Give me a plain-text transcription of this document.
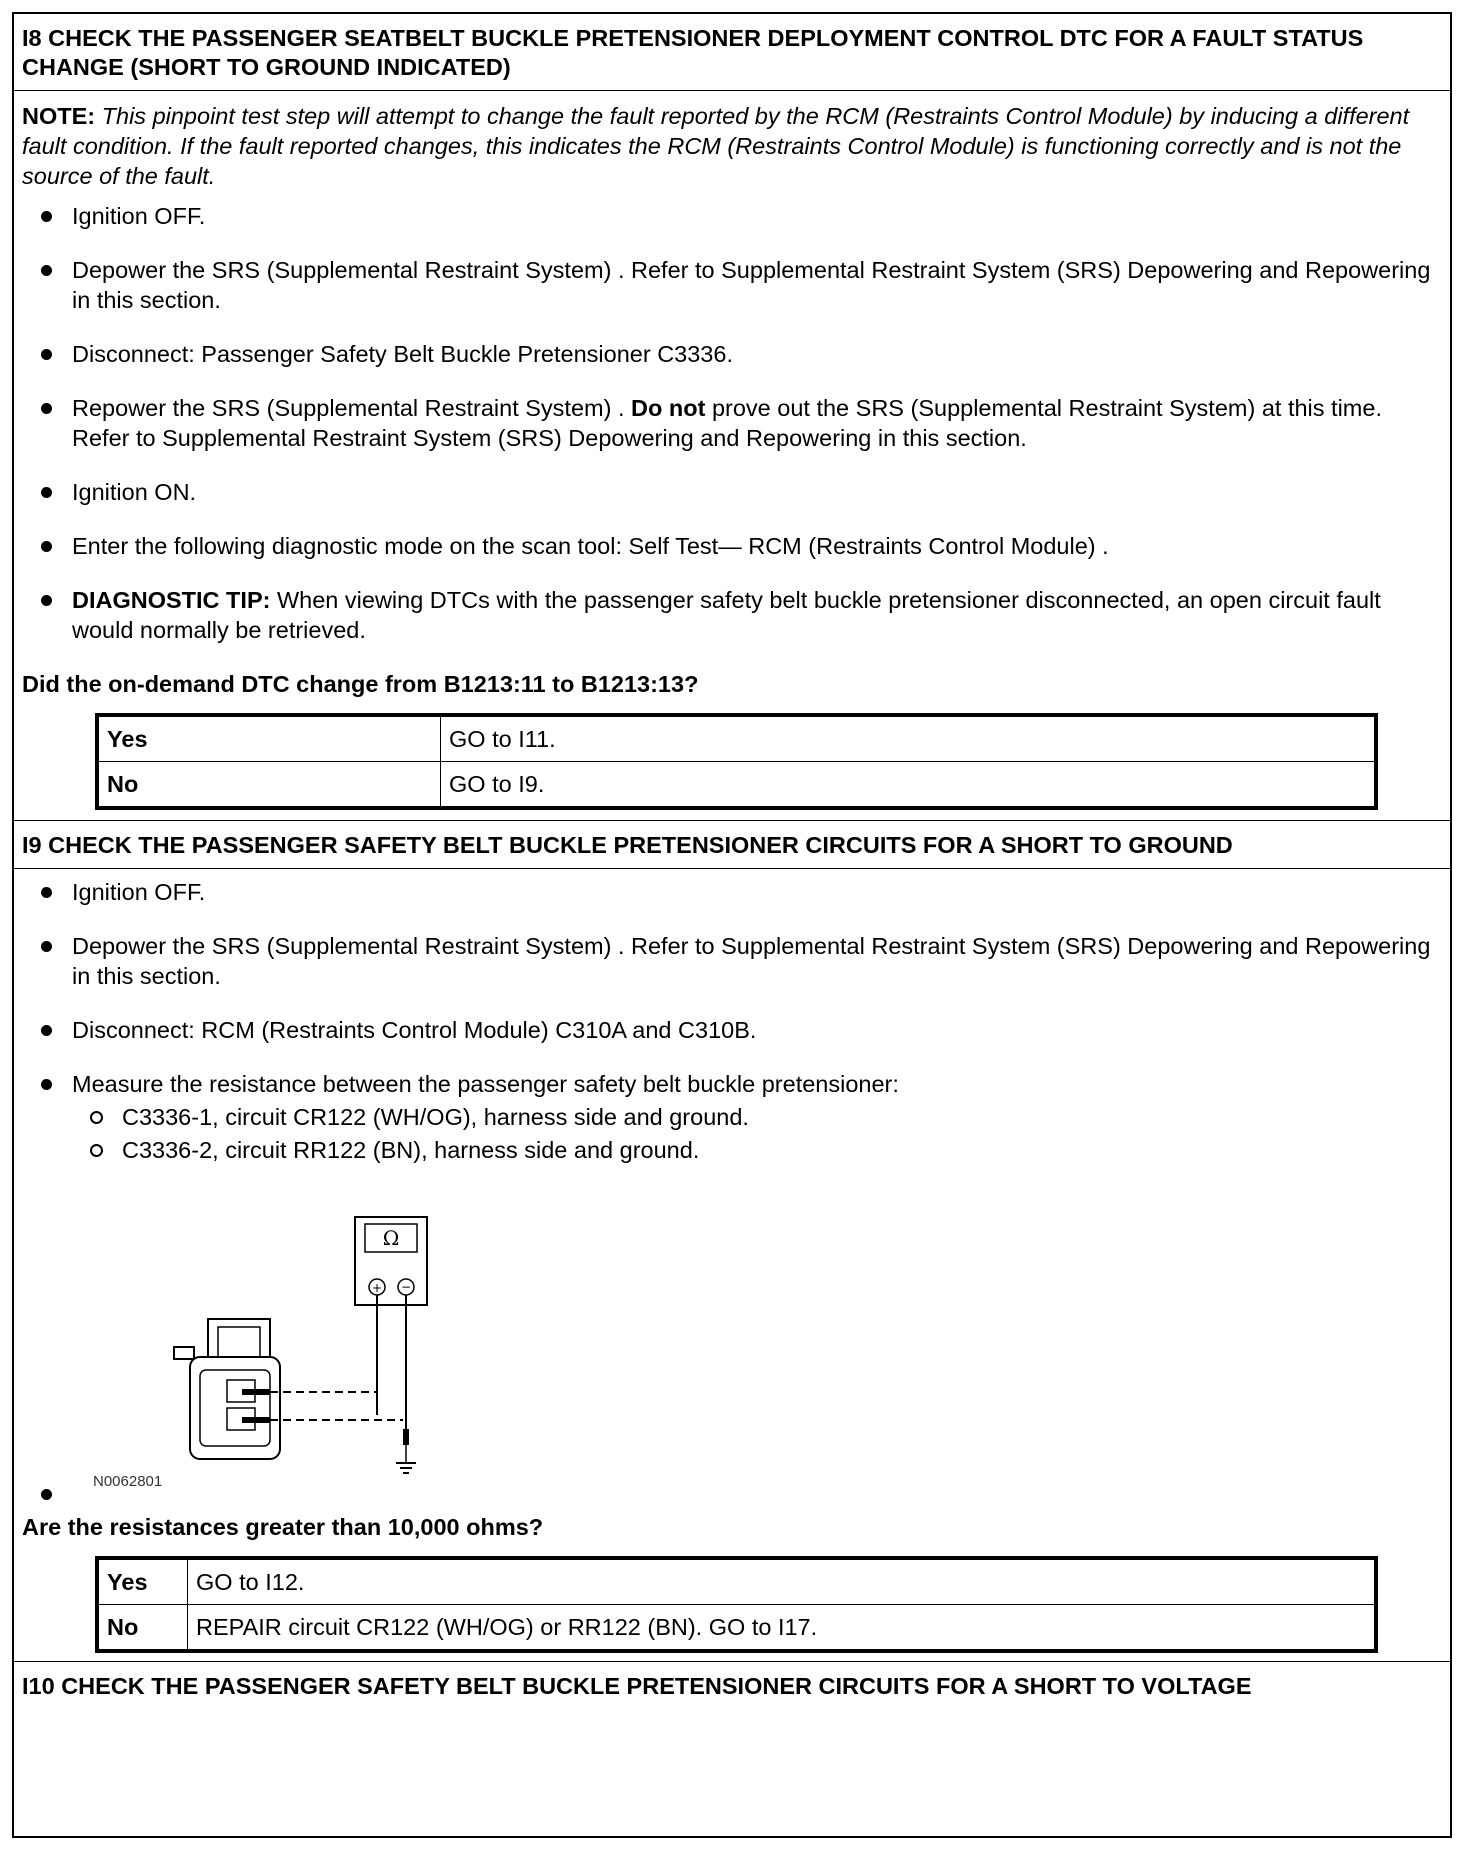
I8 CHECK THE PASSENGER SEATBELT BUCKLE PRETENSIONER DEPLOYMENT CONTROL DTC FOR A FAULT STATUS CHANGE (SHORT TO GROUND INDICATED)
NOTE: This pinpoint test step will attempt to change the fault reported by the RCM (Restraints Control Module) by inducing a different fault condition. If the fault reported changes, this indicates the RCM (Restraints Control Module) is functioning correctly and is not the source of the fault.
Ignition OFF.
Depower the SRS (Supplemental Restraint System) . Refer to Supplemental Restraint System (SRS) Depowering and Repowering in this section.
Disconnect: Passenger Safety Belt Buckle Pretensioner C3336.
Repower the SRS (Supplemental Restraint System) . Do not prove out the SRS (Supplemental Restraint System) at this time. Refer to Supplemental Restraint System (SRS) Depowering and Repowering in this section.
Ignition ON.
Enter the following diagnostic mode on the scan tool: Self Test— RCM (Restraints Control Module) .
DIAGNOSTIC TIP: When viewing DTCs with the passenger safety belt buckle pretensioner disconnected, an open circuit fault would normally be retrieved.
Did the on-demand DTC change from B1213:11 to B1213:13?
Yes	GO to I11.
No	GO to I9.
I9 CHECK THE PASSENGER SAFETY BELT BUCKLE PRETENSIONER CIRCUITS FOR A SHORT TO GROUND
Ignition OFF.
Depower the SRS (Supplemental Restraint System) . Refer to Supplemental Restraint System (SRS) Depowering and Repowering in this section.
Disconnect: RCM (Restraints Control Module) C310A and C310B.
Measure the resistance between the passenger safety belt buckle pretensioner:
C3336-1, circuit CR122 (WH/OG), harness side and ground.
C3336-2, circuit RR122 (BN), harness side and ground.
Ω
+ −
N0062801
Are the resistances greater than 10,000 ohms?
Yes	GO to I12.
No	REPAIR circuit CR122 (WH/OG) or RR122 (BN). GO to I17.
I10 CHECK THE PASSENGER SAFETY BELT BUCKLE PRETENSIONER CIRCUITS FOR A SHORT TO VOLTAGE
